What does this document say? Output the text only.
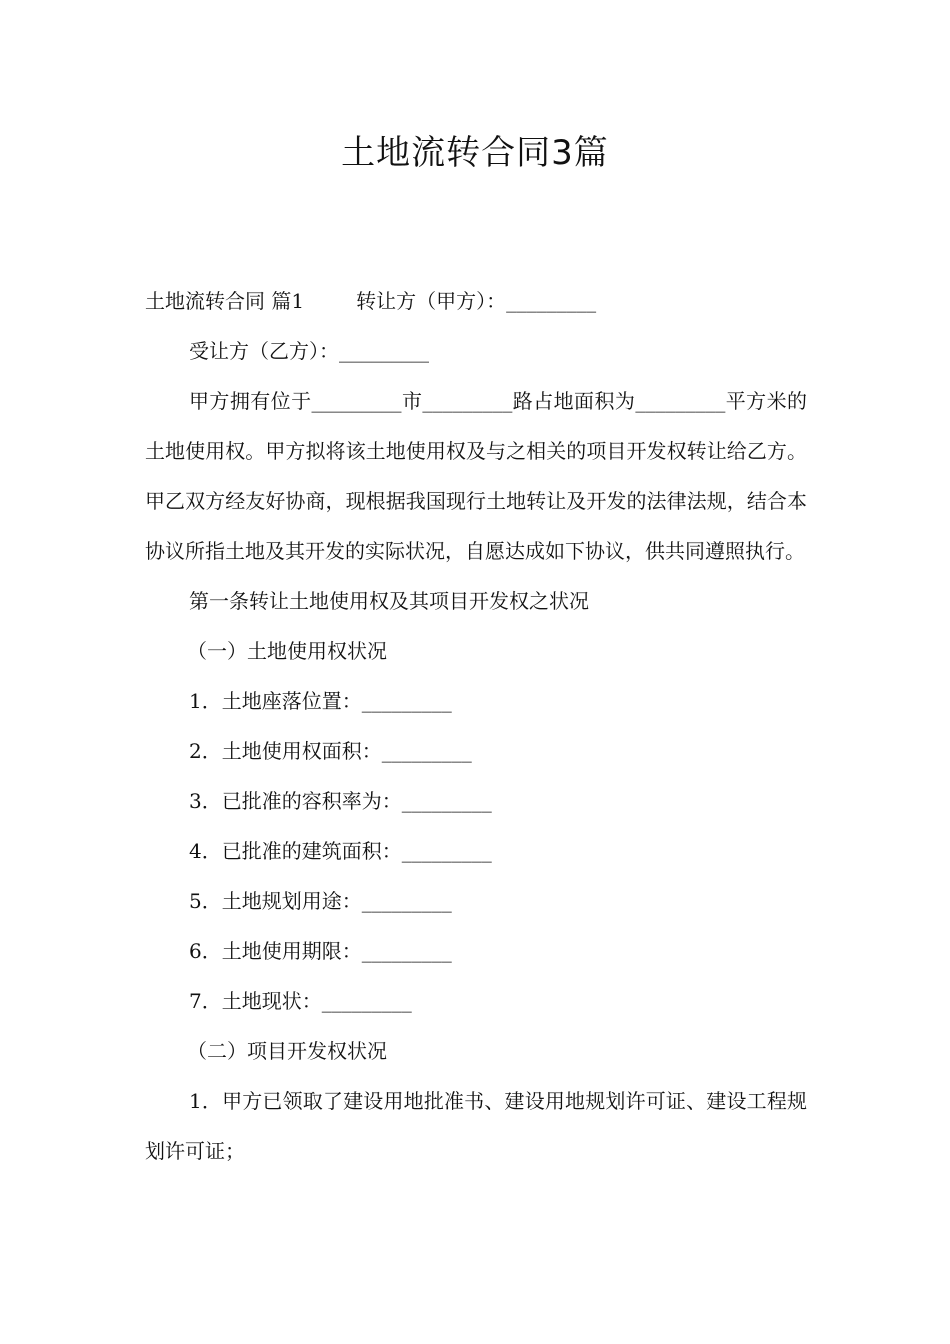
土地流转合同3篇

土地流转合同 篇1	转让方（甲方）：_________

受让方（乙方）：_________

甲方拥有位于_________市_________路占地面积为_________平方米的土地使用权。甲方拟将该土地使用权及与之相关的项目开发权转让给乙方。甲乙双方经友好协商，现根据我国现行土地转让及开发的法律法规，结合本协议所指土地及其开发的实际状况，自愿达成如下协议，供共同遵照执行。

第一条转让土地使用权及其项目开发权之状况

（一）土地使用权状况

1．土地座落位置：_________

2．土地使用权面积：_________

3．已批准的容积率为：_________

4．已批准的建筑面积：_________

5．土地规划用途：_________

6．土地使用期限：_________

7．土地现状：_________

（二）项目开发权状况

1．甲方已领取了建设用地批准书、建设用地规划许可证、建设工程规划许可证；
